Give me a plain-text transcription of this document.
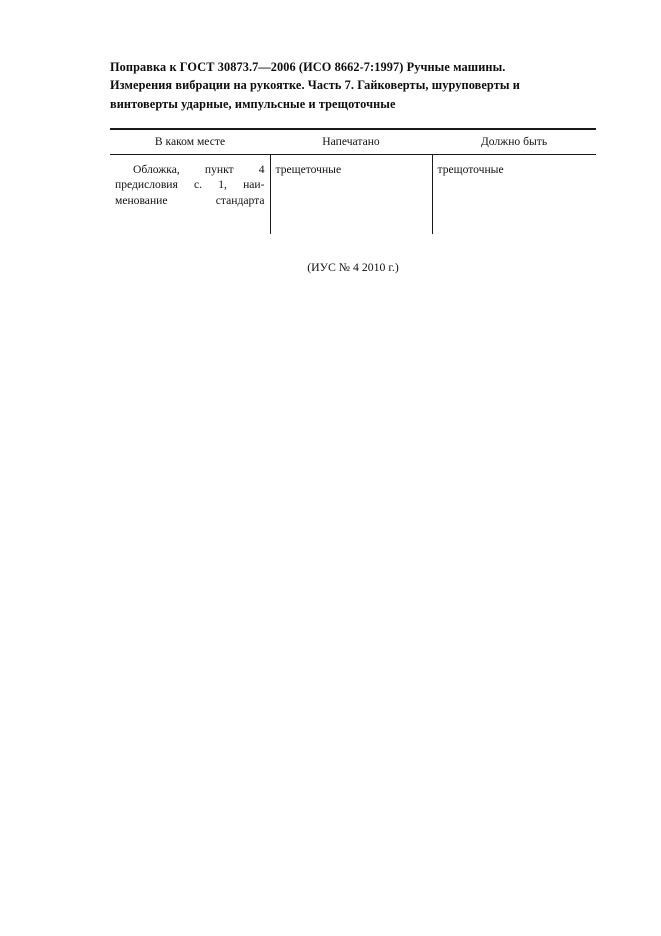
Поправка к ГОСТ 30873.7—2006 (ИСО 8662-7:1997) Ручные машины.
Измерения вибрации на рукоятке. Часть 7. Гайковерты, шуруповерты и
винтоверты ударные, импульсные и трещоточные

В каком месте	Напечатано	Должно быть
Обложка, пункт 4 предисловия с. 1, наименование стандарта	трещеточные	трещоточные
(ИУС № 4 2010 г.)
